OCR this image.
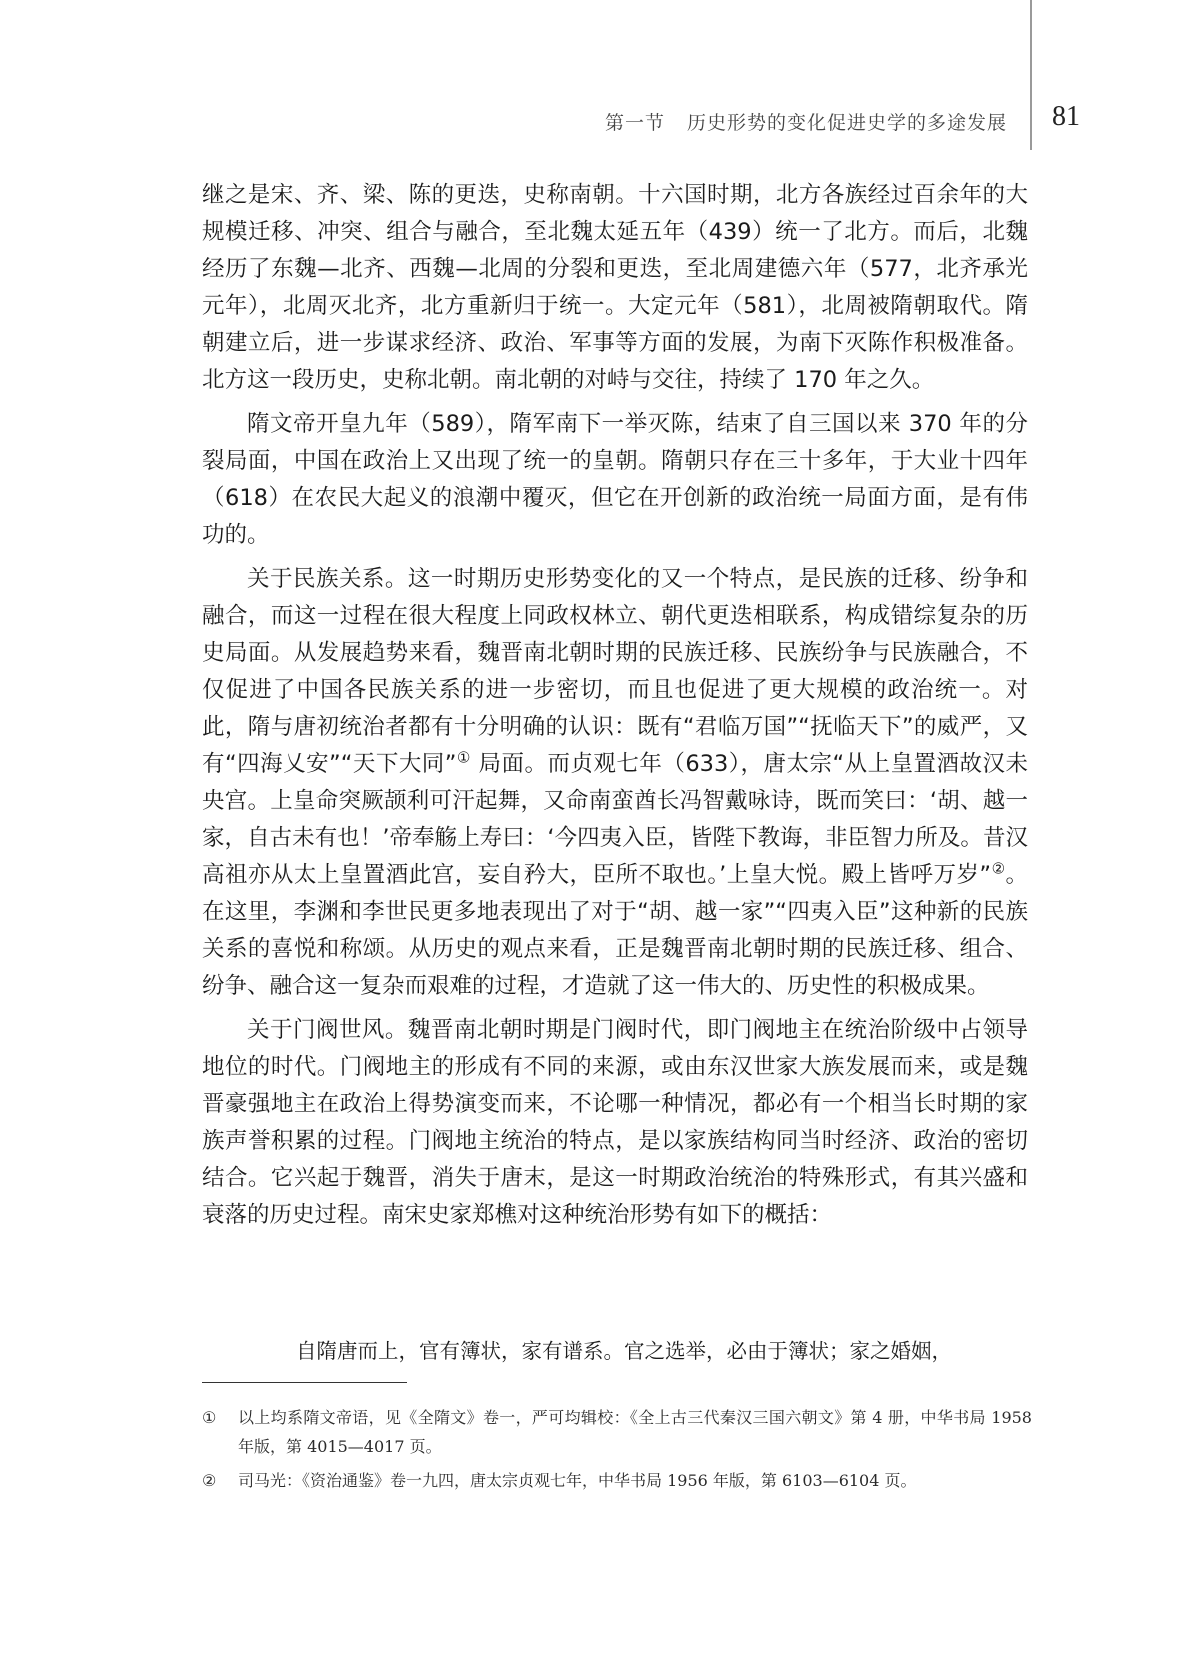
第一节 历史形势的变化促进史学的多途发展 81

继之是宋、齐、梁、陈的更迭，史称南朝。十六国时期，北方各族经过百余年的大规模迁移、冲突、组合与融合，至北魏太延五年（439）统一了北方。而后，北魏经历了东魏—北齐、西魏—北周的分裂和更迭，至北周建德六年（577，北齐承光元年），北周灭北齐，北方重新归于统一。大定元年（581），北周被隋朝取代。隋朝建立后，进一步谋求经济、政治、军事等方面的发展，为南下灭陈作积极准备。北方这一段历史，史称北朝。南北朝的对峙与交往，持续了 170 年之久。

隋文帝开皇九年（589），隋军南下一举灭陈，结束了自三国以来 370 年的分裂局面，中国在政治上又出现了统一的皇朝。隋朝只存在三十多年，于大业十四年（618）在农民大起义的浪潮中覆灭，但它在开创新的政治统一局面方面，是有伟功的。

关于民族关系。这一时期历史形势变化的又一个特点，是民族的迁移、纷争和融合，而这一过程在很大程度上同政权林立、朝代更迭相联系，构成错综复杂的历史局面。从发展趋势来看，魏晋南北朝时期的民族迁移、民族纷争与民族融合，不仅促进了中国各民族关系的进一步密切，而且也促进了更大规模的政治统一。对此，隋与唐初统治者都有十分明确的认识：既有“君临万国”“抚临天下”的威严，又有“四海乂安”“天下大同”① 局面。而贞观七年（633），唐太宗“从上皇置酒故汉未央宫。上皇命突厥颉利可汗起舞，又命南蛮酋长冯智戴咏诗，既而笑曰：‘胡、越一家，自古未有也！’帝奉觞上寿曰：‘今四夷入臣，皆陛下教诲，非臣智力所及。昔汉高祖亦从太上皇置酒此宫，妄自矜大，臣所不取也。’上皇大悦。殿上皆呼万岁”②。在这里，李渊和李世民更多地表现出了对于“胡、越一家”“四夷入臣”这种新的民族关系的喜悦和称颂。从历史的观点来看，正是魏晋南北朝时期的民族迁移、组合、纷争、融合这一复杂而艰难的过程，才造就了这一伟大的、历史性的积极成果。

关于门阀世风。魏晋南北朝时期是门阀时代，即门阀地主在统治阶级中占领导地位的时代。门阀地主的形成有不同的来源，或由东汉世家大族发展而来，或是魏晋豪强地主在政治上得势演变而来，不论哪一种情况，都必有一个相当长时期的家族声誉积累的过程。门阀地主统治的特点，是以家族结构同当时经济、政治的密切结合。它兴起于魏晋，消失于唐末，是这一时期政治统治的特殊形式，有其兴盛和衰落的历史过程。南宋史家郑樵对这种统治形势有如下的概括：

自隋唐而上，官有簿状，家有谱系。官之选举，必由于簿状；家之婚姻，
①	以上均系隋文帝语，见《全隋文》卷一，严可均辑校：《全上古三代秦汉三国六朝文》第 4 册，中华书局 1958 年版，第 4015—4017 页。
②	司马光：《资治通鉴》卷一九四，唐太宗贞观七年，中华书局 1956 年版，第 6103—6104 页。
